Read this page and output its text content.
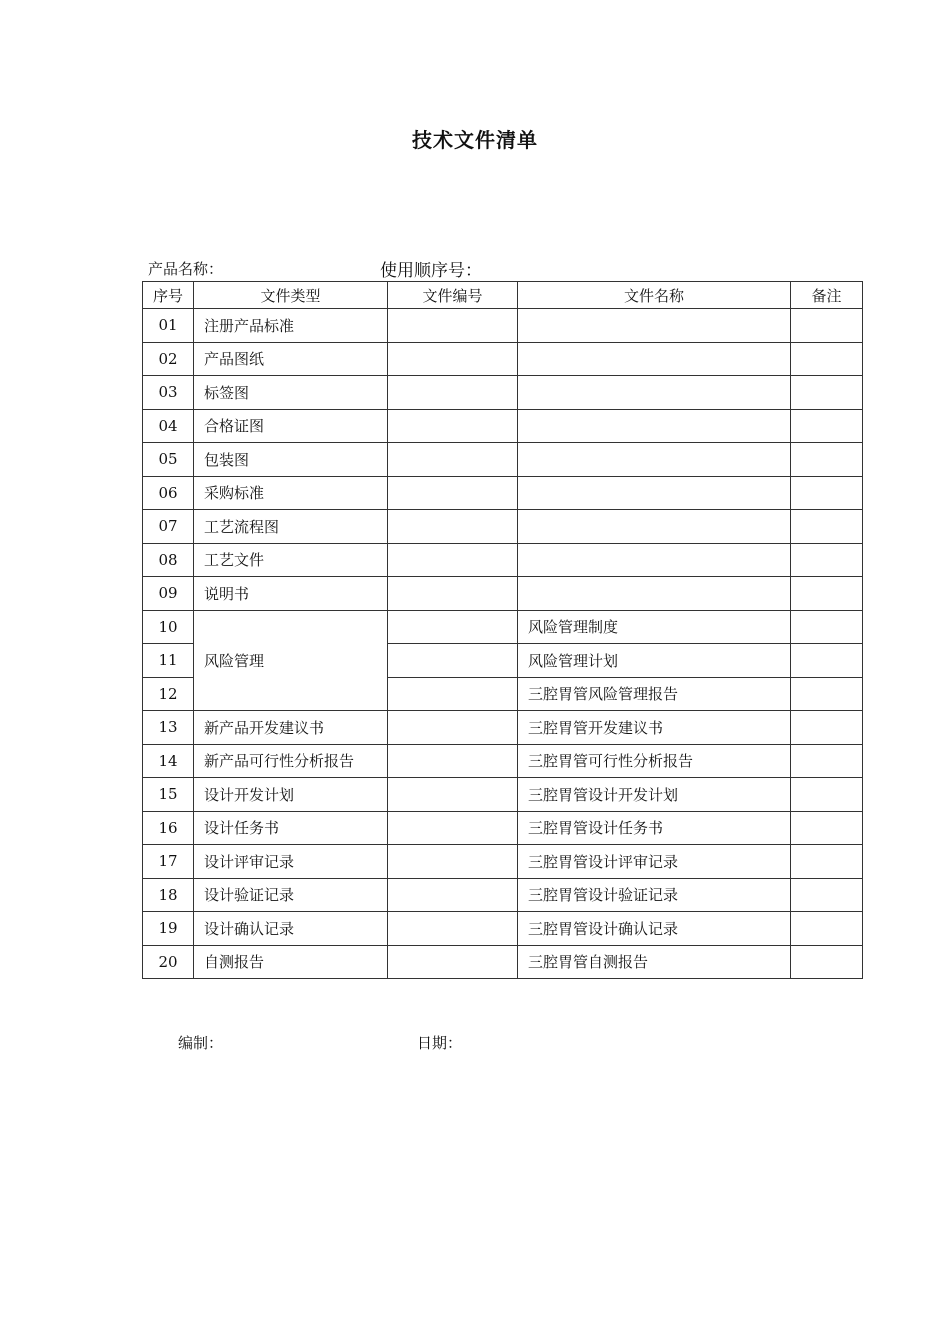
技术文件清单
产品名称：	使用顺序号：
序号	文件类型	文件编号	文件名称	备注
01	注册产品标准			
02	产品图纸			
03	标签图			
04	合格证图			
05	包装图			
06	采购标准			
07	工艺流程图			
08	工艺文件			
09	说明书			
10	风险管理		风险管理制度	
11			风险管理计划	
12			三腔胃管风险管理报告	
13	新产品开发建议书		三腔胃管开发建议书	
14	新产品可行性分析报告		三腔胃管可行性分析报告	
15	设计开发计划		三腔胃管设计开发计划	
16	设计任务书		三腔胃管设计任务书	
17	设计评审记录		三腔胃管设计评审记录	
18	设计验证记录		三腔胃管设计验证记录	
19	设计确认记录		三腔胃管设计确认记录	
20	自测报告		三腔胃管自测报告	
编制：	日期：
